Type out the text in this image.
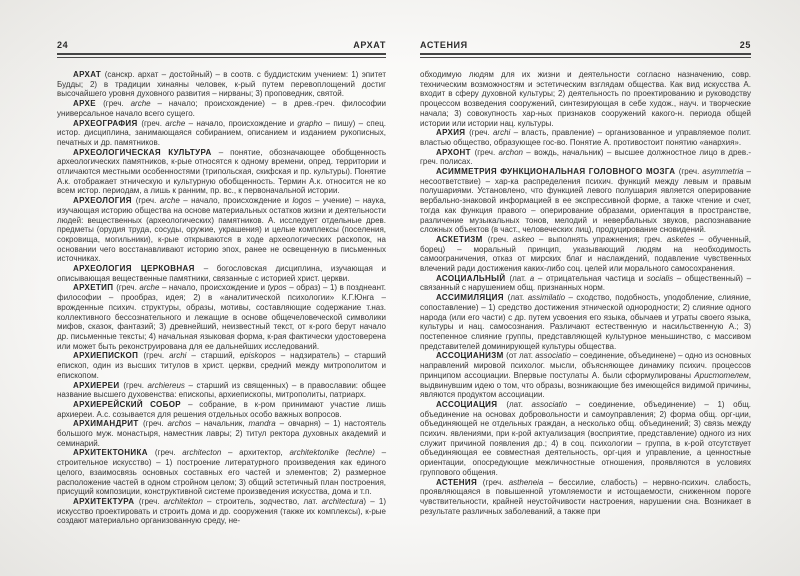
24	АРХАТ

АРХАТ (санскр. архат – достойный) – в соотв. с буддистским учением: 1) эпитет Будды; 2) в традиции хинаяны человек, к-рый путем перевоплощений достиг высочайшего уровня духовного развития – нирваны; 3) проповедник, святой.

АРХЕ (греч. arche – начало; происхождение) – в древ.-греч. философии универсальное начало всего сущего.

АРХЕОГРАФИЯ (греч. arche – начало, происхождение и grapho – пишу) – спец. истор. дисциплина, занимающаяся собиранием, описанием и изданием рукописных, печатных и др. памятников.

АРХЕОЛОГИЧЕСКАЯ КУЛЬТУРА – понятие, обозначающее обобщенность археологических памятников, к-рые относятся к одному времени, опред. территории и отличаются местными особенностями (трипольская, скифская и пр. культуры). Понятие А.к. отображает этническую и культурную обобщенность. Термин А.к. относится не ко всем истор. периодам, а лишь к ранним, пр. вс., к первоначальной истории.

АРХЕОЛОГИЯ (греч. arche – начало, происхождение и logos – учение) – наука, изучающая историю общества на основе материальных остатков жизни и деятельности людей: вещественных (археологических) памятников. А. исследует отдельные древ. предметы (орудия труда, сосуды, оружие, украшения) и целые комплексы (поселения, сокровища, могильники), к-рые открываются в ходе археологических раскопок, на основании чего восстанавливают историю эпох, ранее не освещенную в письменных источниках.

АРХЕОЛОГИЯ ЦЕРКОВНАЯ – богословская дисциплина, изучающая и описывающая вещественные памятники, связанные с историей христ. церкви.

АРХЕТИП (греч. arche – начало, происхождение и typos – образ) – 1) в позднеант. философии – прообраз, идея; 2) в «аналитической психологии» К.Г.Юнга – врожденные психич. структуры, образы, мотивы, составляющие содержание т.наз. коллективного бессознательного и лежащие в основе общечеловеческой символики мифов, сказок, фантазий; 3) древнейший, неизвестный текст, от к-рого берут начало др. письменные тексты; 4) начальная языковая форма, к-рая фактически удостоверена или может быть реконструирована для ее дальнейших исследований.

АРХИЕПИСКОП (греч. archi – старший, episkopos – надзиратель) – старший епископ, один из высших титулов в христ. церкви, средний между митрополитом и епископом.

АРХИЕРЕИ (греч. archiereus – старший из священных) – в православии: общее название высшего духовенства: епископы, архиепископы, митрополиты, патриарх.

АРХИЕРЕЙСКИЙ СОБОР – собрание, в к-ром принимают участие лишь архиереи. А.с. созывается для решения отдельных особо важных вопросов.

АРХИМАНДРИТ (греч. archos – начальник, mandra – овчарня) – 1) настоятель большого муж. монастыря, наместник лавры; 2) титул ректора духовных академий и семинарий.

АРХИТЕКТОНИКА (греч. architecton – архитектор, architektonike (techne) – строительное искусство) – 1) построение литературного произведения как единого целого, взаимосвязь основных составных его частей и элементов; 2) размерное расположение частей в одном стройном целом; 3) общий эстетичный план построения, присущий композиции, конструктивной системе произведения искусства, дома и т.п.

АРХИТЕКТУРА (греч. architekton – строитель, зодчество, лат. architectura) – 1) искусство проектировать и строить дома и др. сооружения (также их комплексы), к-рые создают материально организованную среду, не-

АСТЕНИЯ	25

обходимую людям для их жизни и деятельности согласно назначению, совр. техническим возможностям и эстетическим взглядам общества. Как вид искусства А. входит в сферу духовной культуры; 2) деятельность по проектированию и руководству процессом возведения сооружений, синтезирующая в себе худож., науч. и творческие начала; 3) совокупность хар-ных признаков сооружений какого-н. периода общей истории или истории нац. культуры.

АРХИЯ (греч. archi – власть, правление) – организованное и управляемое полит. властью общество, образующее гос-во. Понятие А. противостоит понятию «анархия».

АРХОНТ (греч. archon – вождь, начальник) – высшее должностное лицо в древ.-греч. полисах.

АСИММЕТРИЯ ФУНКЦИОНАЛЬНАЯ ГОЛОВНОГО МОЗГА (греч. asymmetria – несоответствие) – хар-ка распределения психич. функций между левым и правым полушариями. Установлено, что функцией левого полушария является оперирование вербально-знаковой информацией в ее экспрессивной форме, а также чтение и счет, тогда как функция правого – оперирование образами, ориентация в пространстве, различение музыкальных тонов, мелодий и невербальных звуков, распознавание сложных объектов (в част., человеческих лиц), продуцирование сновидений.

АСКЕТИЗМ (греч. askeo – выполнять упражнения; греч. asketes – обученный, борец) – моральный принцип, указывающий людям на необходимость самоограничения, отказ от мирских благ и наслаждений, подавление чувственных влечений ради достижения каких-либо соц. целей или морального самосохранения.

АСОЦИАЛЬНЫЙ (лат. a – отрицательная частица и socialis – общественный) – связанный с нарушением общ. признанных норм.

АССИМИЛЯЦИЯ (лат. assimilatio – сходство, подобность, уподобление, слияние, сопоставление) – 1) средство достижения этнической однородности; 2) слияние одного народа (или его части) с др. путем усвоения его языка, обычаев и утраты своего языка, культуры и нац. самосознания. Различают естественную и насильственную А.; 3) постепенное слияние группы, представляющей культурное меньшинство, с массивом представителей доминирующей культуры общества.

АССОЦИАНИЗМ (от лат. associatio – соединение, объединене) – одно из основных направлений мировой психолог. мысли, объясняющее динамику психич. процессов принципом ассоциации. Впервые постулаты А. были сформулированы Аристотелем, выдвинувшим идею о том, что образы, возникающие без имеющейся видимой причины, являются продуктом ассоциации.

АССОЦИАЦИЯ (лат. associatio – соединение, объединение) – 1) общ. объединение на основах добровольности и самоуправления; 2) форма общ. орг-ции, объединяющей не отдельных граждан, а несколько общ. объединений; 3) связь между психич. явлениями, при к-рой актуализация (восприятие, представление) одного из них служит причиной появления др.; 4) в соц. психологии – группа, в к-рой отсутствует объединяющая ее совместная деятельность, орг-ция и управление, а ценностные ориентации, опосредующие межличностные отношения, проявляются в условиях группового общения.

АСТЕНИЯ (греч. astheneia – бессилие, слабость) – нервно-психич. слабость, проявляющаяся в повышенной утомляемости и истощаемости, сниженном пороге чувствительности, крайней неустойчивости настроения, нарушении сна. Возникает в результате различных заболеваний, а также при
